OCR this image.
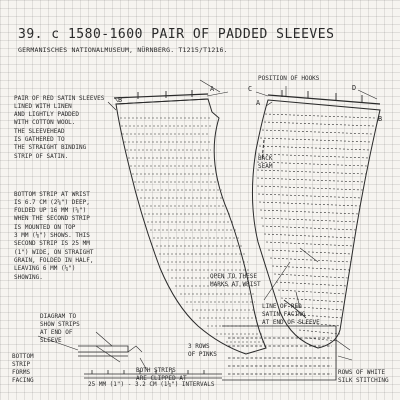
39. c 1580-1600 PAIR OF PADDED SLEEVES
GERMANISCHES NATIONALMUSEUM, NÜRNBERG. T1215/T1216.
A
B
C	D
A
B
POSITION OF HOOKS

PAIR OF RED SATIN SLEEVES
LINED WITH LINEN
AND LIGHTLY PADDED
WITH COTTON WOOL.
THE SLEEVEHEAD
IS GATHERED TO
THE STRAIGHT BINDING
STRIP OF SATIN.

BOTTOM STRIP AT WRIST
IS 6.7 CM (2⅝") DEEP,
FOLDED UP 16 MM (⅝")
WHEN THE SECOND STRIP
IS MOUNTED ON TOP
3 MM (⅛") SHOWS. THIS
SECOND STRIP IS 25 MM
(1") WIDE, ON STRAIGHT
GRAIN, FOLDED IN HALF,
LEAVING 6 MM (¼")
SHOWING.

DIAGRAM TO
SHOW STRIPS
AT END OF
SLEEVE

BOTTOM
STRIP
FORMS
FACING

BOTH STRIPS
ARE CLIPPED AT

25 MM (1") - 3.2 CM (1¼") INTERVALS

BACK
SEAM

OPEN TO THESE
MARKS AT WRIST

LINE OF RED
SATIN FACING
AT END OF SLEEVE

3 ROWS
OF PINKS

ROWS OF WHITE
SILK STITCHING
